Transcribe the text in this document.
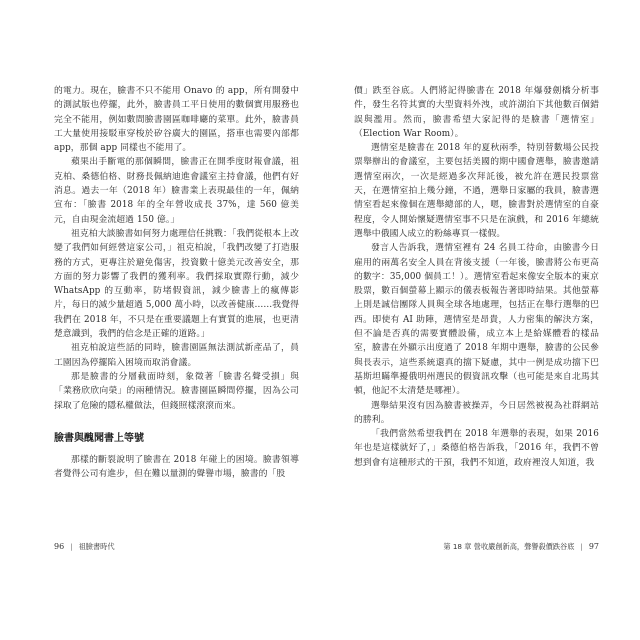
的電力。現在，臉書不只不能用 Onavo 的 app，所有開發中的測試版也停擺，此外，臉書員工平日使用的數個實用服務也完全不能用，例如數間臉書園區咖啡廳的菜單。此外，臉書員工大量使用接駁車穿梭於矽谷廣大的園區，搭車也需要內部都 app，那個 app 同樣也不能用了。

蘋果出手斷電的那個瞬間，臉書正在開季度財報會議，祖克柏、桑德伯格、財務長佩納迪進會議室主持會議，他們有好消息。過去一年（2018 年）臉書業上表現最佳的一年，佩納宣布：「臉書 2018 年的全年營收成長 37%，達 560 億美元，自由現金流超過 150 億。」

祖克柏大談臉書如何努力處理信任挑戰：「我們從根本上改變了我們如何經營這家公司，」祖克柏說，「我們改變了打造服務的方式，更專注於避免傷害，投資數十億美元改善安全，那方面的努力影響了我們的獲利率。我們採取實際行動，減少 WhatsApp 的互動率，防堵假資訊，減少臉書上的瘋傳影片，每日的減少量超過 5,000 萬小時，以改善健康……我覺得我們在 2018 年，不只是在重要議題上有實質的進展，也更清楚意識到，我們的信念是正確的道路。」

祖克柏說這些話的同時，臉書園區無法測試新產品了，員工園因為停擺陷入困境而取消會議。

那是臉書的分層截面時刻，象徵著「臉書名聲受損」與「業務欣欣向榮」的兩種情況。臉書園區瞬間停擺，因為公司採取了危險的隱私權做法，但錢照樣滾滾而來。

臉書與醜聞書上等號

那樣的斷裂說明了臉書在 2018 年碰上的困境。臉書領導者覺得公司有進步，但在難以量測的聲譽市場，臉書的「股

96 | 祖臉書時代

價」跌至谷底。人們將記得臉書在 2018 年爆發劍橋分析事件，發生名符其實的大型資料外洩，或許湖泊下其他數百個錯誤與濫用。然而，臉書希望大家記得的是臉書「選情室」（Election War Room）。

選情室是臉書在 2018 年的夏秋兩季，特別替數場公民投票舉辦出的會議室，主要包括美國的期中國會選舉，臉書邀請選情室兩次，一次是經過多次拜託後，被允許在選民投票當天，在選情室拍上幾分鐘，不過，選舉日家屬的我員，臉書選情室看起來像個在選舉總部的人，嗯，臉書對於選情室的自豪程度，令人開始懷疑選情室事不只是在演戲，和 2016 年總統選舉中俄國人成立的粉絲專頁一樣假。

發言人告訴我，選情室裡有 24 名員工待命，由臉書今日雇用的兩萬名安全人員在背後支援（一年後，臉書將公布更高的數字：35,000 個員工！）。選情室看起來像安全版本的東京股票，數百個螢幕上顯示的儀表板報告著即時結果。其他螢幕上則是誠信團隊人員與全球各地處理，包括正在舉行選舉的巴西。即使有 AI 助陣，選情室是昂貴，人力密集的解決方案，但不論是否真的需要實體設備，成立本上是給媒體看的樣品室，臉書在外顯示出度過了 2018 年期中選舉，臉書的公民參與長表示，這些系統還真的擋下疑慮，其中一例是成功擋下巴基斯坦瞞準擾俄明州選民的假資訊攻擊（也可能是來自北馬其頓，他記不太清楚是哪裡）。

選舉結果沒有因為臉書被操弄，今日居然被視為社群網站的勝利。

「我們當然希望我們在 2018 年選舉的表現，如果 2016 年也是這樣就好了，」桑德伯格告訴我，「2016 年，我們不曾想到會有這種形式的干預，我們不知道，政府裡沒人知道，我

第 18 章 營收嚴創新高，聲譽殺價跌谷底 | 97
